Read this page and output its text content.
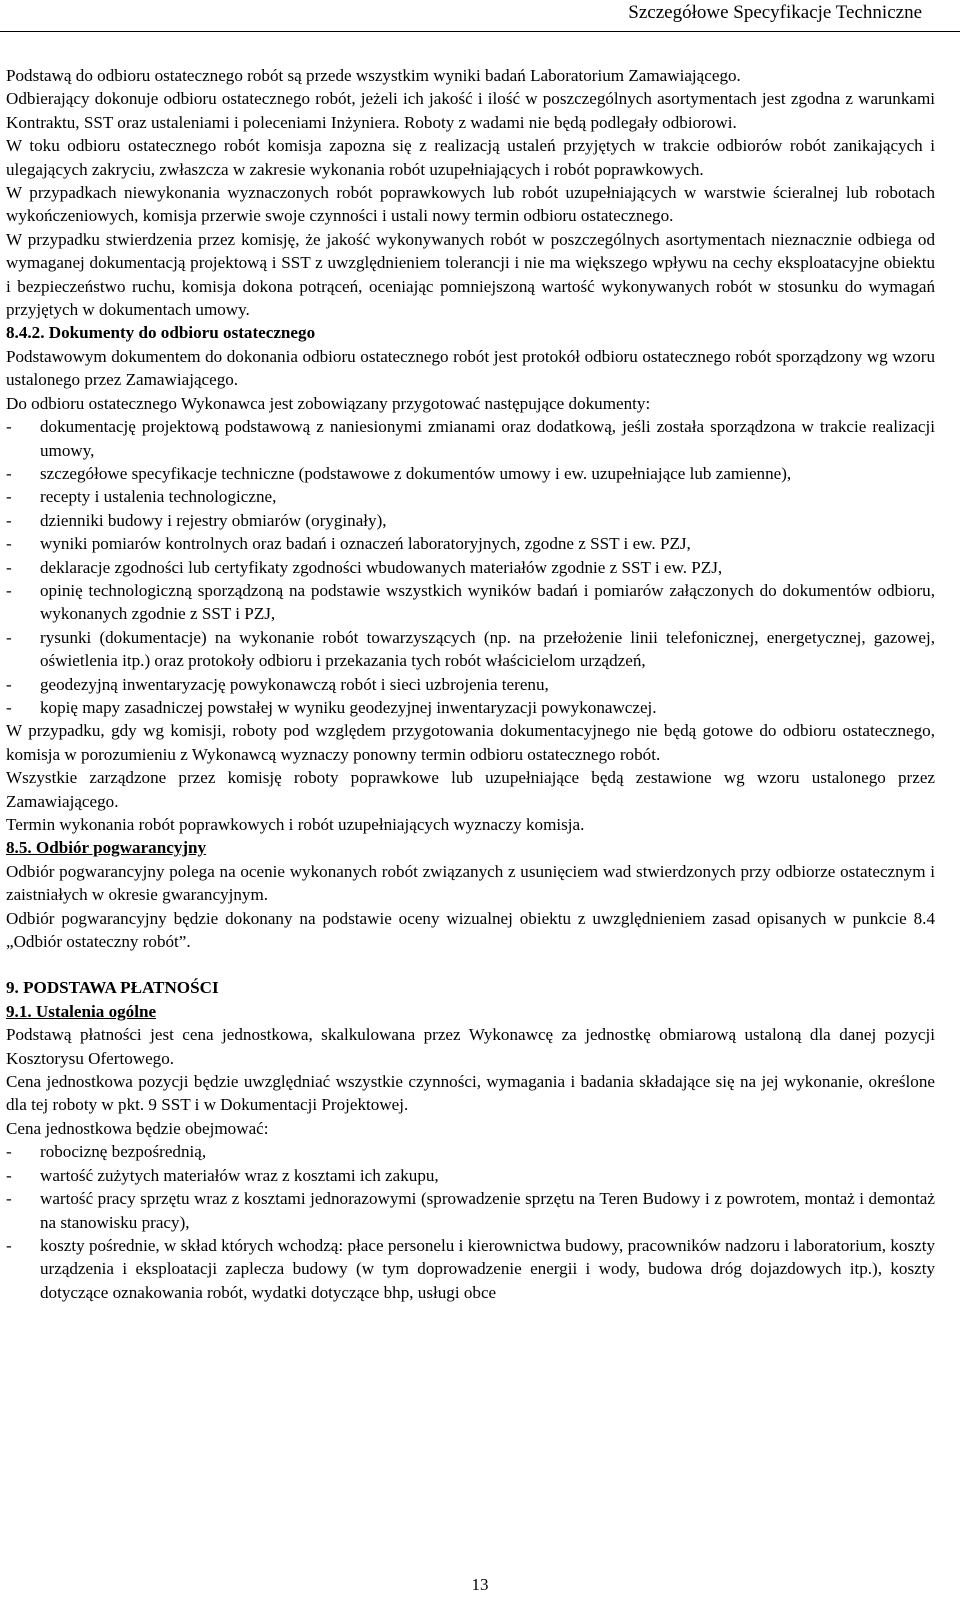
Szczegółowe Specyfikacje Techniczne

Podstawą do odbioru ostatecznego robót są przede wszystkim wyniki badań Laboratorium Zamawiającego.

Odbierający dokonuje odbioru ostatecznego robót, jeżeli ich jakość i ilość w poszczególnych asortymentach jest zgodna z warunkami Kontraktu, SST oraz ustaleniami i poleceniami Inżyniera. Roboty z wadami nie będą podlegały odbiorowi.

W toku odbioru ostatecznego robót komisja zapozna się z realizacją ustaleń przyjętych w trakcie odbiorów robót zanikających i ulegających zakryciu, zwłaszcza w zakresie wykonania robót uzupełniających i robót poprawkowych.

W przypadkach niewykonania wyznaczonych robót poprawkowych lub robót uzupełniających w warstwie ścieralnej lub robotach wykończeniowych, komisja przerwie swoje czynności i ustali nowy termin odbioru ostatecznego.

W przypadku stwierdzenia przez komisję, że jakość wykonywanych robót w poszczególnych asortymentach nieznacznie odbiega od wymaganej dokumentacją projektową i SST z uwzględnieniem tolerancji i nie ma większego wpływu na cechy eksploatacyjne obiektu i bezpieczeństwo ruchu, komisja dokona potrąceń, oceniając pomniejszoną wartość wykonywanych robót w stosunku do wymagań przyjętych w dokumentach umowy.

8.4.2. Dokumenty do odbioru ostatecznego

Podstawowym dokumentem do dokonania odbioru ostatecznego robót jest protokół odbioru ostatecznego robót sporządzony wg wzoru ustalonego przez Zamawiającego.

Do odbioru ostatecznego Wykonawca jest zobowiązany przygotować następujące dokumenty:

- dokumentację projektową podstawową z naniesionymi zmianami oraz dodatkową, jeśli została sporządzona w trakcie realizacji umowy,
- szczegółowe specyfikacje techniczne (podstawowe z dokumentów umowy i ew. uzupełniające lub zamienne),
- recepty i ustalenia technologiczne,
- dzienniki budowy i rejestry obmiarów (oryginały),
- wyniki pomiarów kontrolnych oraz badań i oznaczeń laboratoryjnych, zgodne z SST i ew. PZJ,
- deklaracje zgodności lub certyfikaty zgodności wbudowanych materiałów zgodnie z SST i ew. PZJ,
- opinię technologiczną sporządzoną na podstawie wszystkich wyników badań i pomiarów załączonych do dokumentów odbioru, wykonanych zgodnie z SST i PZJ,
- rysunki (dokumentacje) na wykonanie robót towarzyszących (np. na przełożenie linii telefonicznej, energetycznej, gazowej, oświetlenia itp.) oraz protokoły odbioru i przekazania tych robót właścicielom urządzeń,
- geodezyjną inwentaryzację powykonawczą robót i sieci uzbrojenia terenu,
- kopię mapy zasadniczej powstałej w wyniku geodezyjnej inwentaryzacji powykonawczej.

W przypadku, gdy wg komisji, roboty pod względem przygotowania dokumentacyjnego nie będą gotowe do odbioru ostatecznego, komisja w porozumieniu z Wykonawcą wyznaczy ponowny termin odbioru ostatecznego robót.

Wszystkie zarządzone przez komisję roboty poprawkowe lub uzupełniające będą zestawione wg wzoru ustalonego przez Zamawiającego.

Termin wykonania robót poprawkowych i robót uzupełniających wyznaczy komisja.

8.5. Odbiór pogwarancyjny

Odbiór pogwarancyjny polega na ocenie wykonanych robót związanych z usunięciem wad stwierdzonych przy odbiorze ostatecznym i zaistniałych w okresie gwarancyjnym.

Odbiór pogwarancyjny będzie dokonany na podstawie oceny wizualnej obiektu z uwzględnieniem zasad opisanych w punkcie 8.4 „Odbiór ostateczny robót”.

9. PODSTAWA PŁATNOŚCI

9.1. Ustalenia ogólne

Podstawą płatności jest cena jednostkowa, skalkulowana przez Wykonawcę za jednostkę obmiarową ustaloną dla danej pozycji Kosztorysu Ofertowego.

Cena jednostkowa pozycji będzie uwzględniać wszystkie czynności, wymagania i badania składające się na jej wykonanie, określone dla tej roboty w pkt. 9 SST i w Dokumentacji Projektowej.

Cena jednostkowa będzie obejmować:

- robociznę bezpośrednią,
- wartość zużytych materiałów wraz z kosztami ich zakupu,
- wartość pracy sprzętu wraz z kosztami jednorazowymi (sprowadzenie sprzętu na Teren Budowy i z powrotem, montaż i demontaż na stanowisku pracy),
- koszty pośrednie, w skład których wchodzą: płace personelu i kierownictwa budowy, pracowników nadzoru i laboratorium, koszty urządzenia i eksploatacji zaplecza budowy (w tym doprowadzenie energii i wody, budowa dróg dojazdowych itp.), koszty dotyczące oznakowania robót, wydatki dotyczące bhp, usługi obce
13
